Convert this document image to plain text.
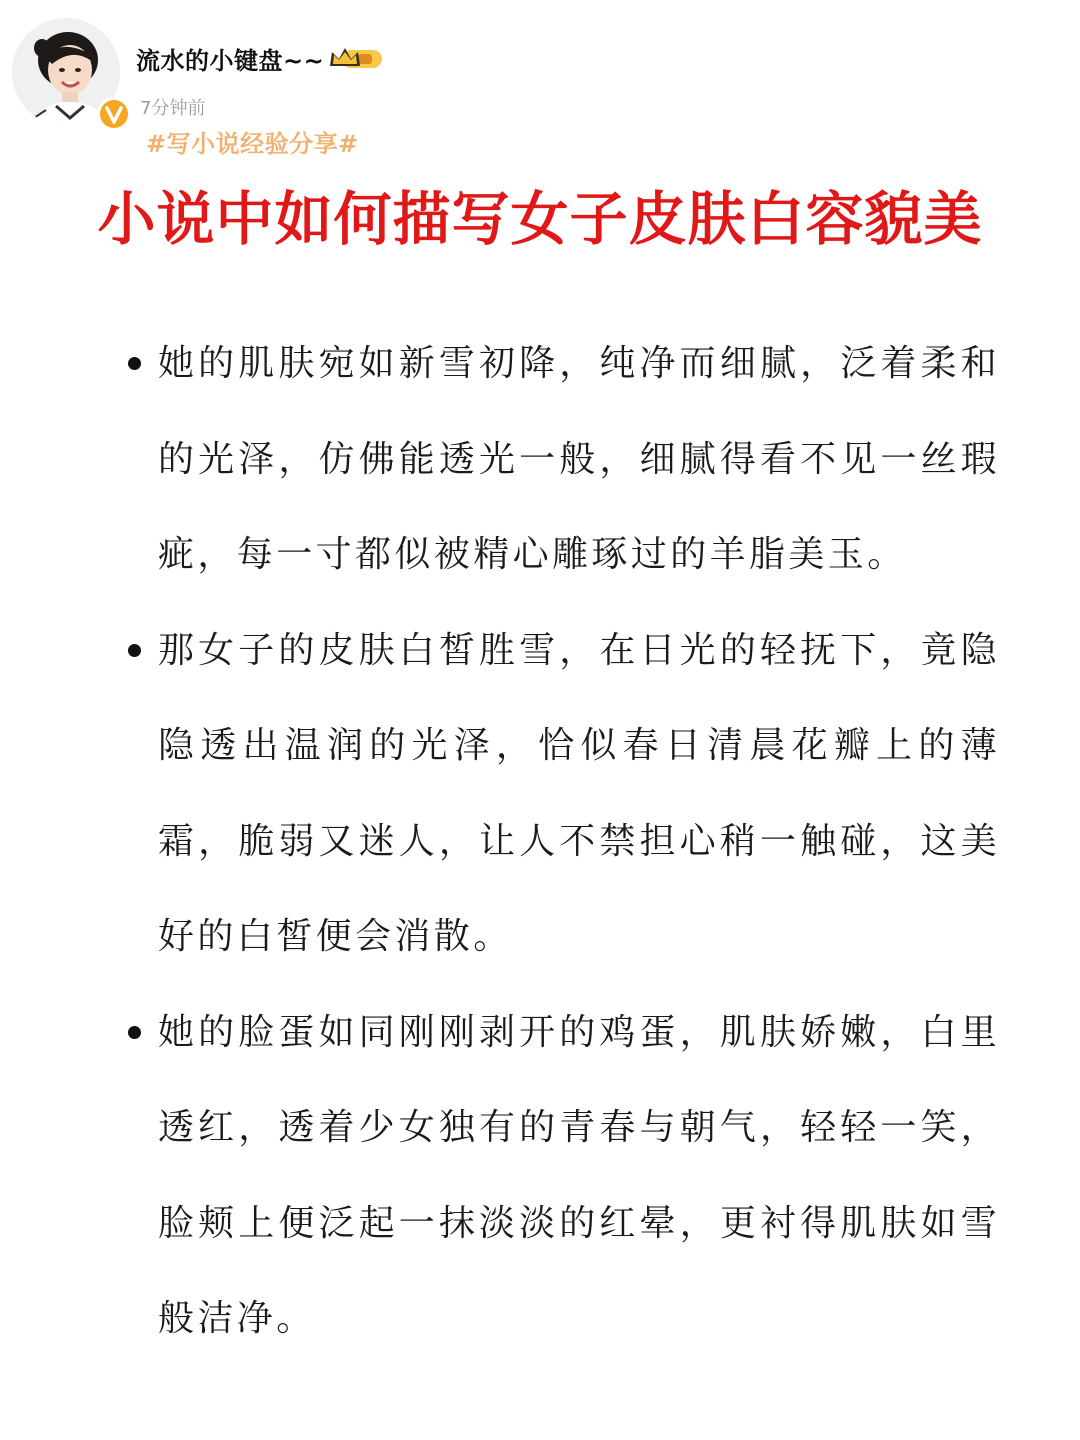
流水的小键盘~~
7分钟前
#写小说经验分享#
小说中如何描写女子皮肤白容貌美
她的肌肤宛如新雪初降，纯净而细腻，泛着柔和的光泽，仿佛能透光一般，细腻得看不见一丝瑕疵，每一寸都似被精心雕琢过的羊脂美玉。
那女子的皮肤白皙胜雪，在日光的轻抚下，竟隐隐透出温润的光泽，恰似春日清晨花瓣上的薄霜，脆弱又迷人，让人不禁担心稍一触碰，这美好的白皙便会消散。
她的脸蛋如同刚刚剥开的鸡蛋，肌肤娇嫩，白里透红，透着少女独有的青春与朝气，轻轻一笑，脸颊上便泛起一抹淡淡的红晕，更衬得肌肤如雪般洁净。
